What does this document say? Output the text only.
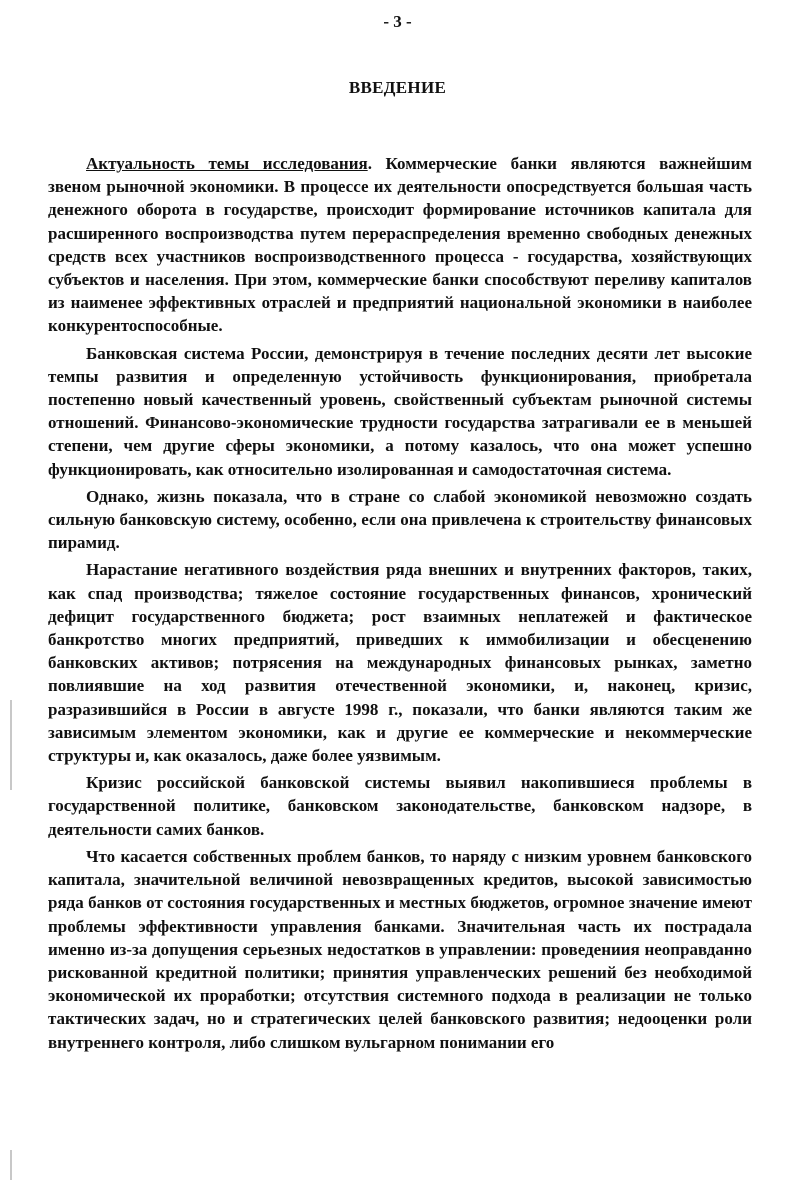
- 3 -
ВВЕДЕНИЕ

Актуальность темы исследования. Коммерческие банки являются важнейшим звеном рыночной экономики. В процессе их деятельности опосредствуется большая часть денежного оборота в государстве, происходит формирование источников капитала для расширенного воспроизводства путем перераспределения временно свободных денежных средств всех участников воспроизводственного процесса - государства, хозяйствующих субъектов и населения. При этом, коммерческие банки способствуют переливу капиталов из наименее эффективных отраслей и предприятий национальной экономики в наиболее конкурентоспособные.

Банковская система России, демонстрируя в течение последних десяти лет высокие темпы развития и определенную устойчивость функционирования, приобретала постепенно новый качественный уровень, свойственный субъектам рыночной системы отношений. Финансово-экономические трудности государства затрагивали ее в меньшей степени, чем другие сферы экономики, а потому казалось, что она может успешно функционировать, как относительно изолированная и самодостаточная система.

Однако, жизнь показала, что в стране со слабой экономикой невозможно создать сильную банковскую систему, особенно, если она привлечена к строительству финансовых пирамид.

Нарастание негативного воздействия ряда внешних и внутренних факторов, таких, как спад производства; тяжелое состояние государственных финансов, хронический дефицит государственного бюджета; рост взаимных неплатежей и фактическое банкротство многих предприятий, приведших к иммобилизации и обесценению банковских активов; потрясения на международных финансовых рынках, заметно повлиявшие на ход развития отечественной экономики, и, наконец, кризис, разразившийся в России в августе 1998 г., показали, что банки являются таким же зависимым элементом экономики, как и другие ее коммерческие и некоммерческие структуры и, как оказалось, даже более уязвимым.

Кризис российской банковской системы выявил накопившиеся проблемы в государственной политике, банковском законодательстве, банковском надзоре, в деятельности самих банков.

Что касается собственных проблем банков, то наряду с низким уровнем банковского капитала, значительной величиной невозвращенных кредитов, высокой зависимостью ряда банков от состояния государственных и местных бюджетов, огромное значение имеют проблемы эффективности управления банками. Значительная часть их пострадала именно из-за допущения серьезных недостатков в управлении: проведениия неоправданно рискованной кредитной политики; принятия управленческих решений без необходимой экономической их проработки; отсутствия системного подхода в реализации не только тактических задач, но и стратегических целей банковского развития; недооценки роли внутреннего контроля, либо слишком вульгарном понимании его
